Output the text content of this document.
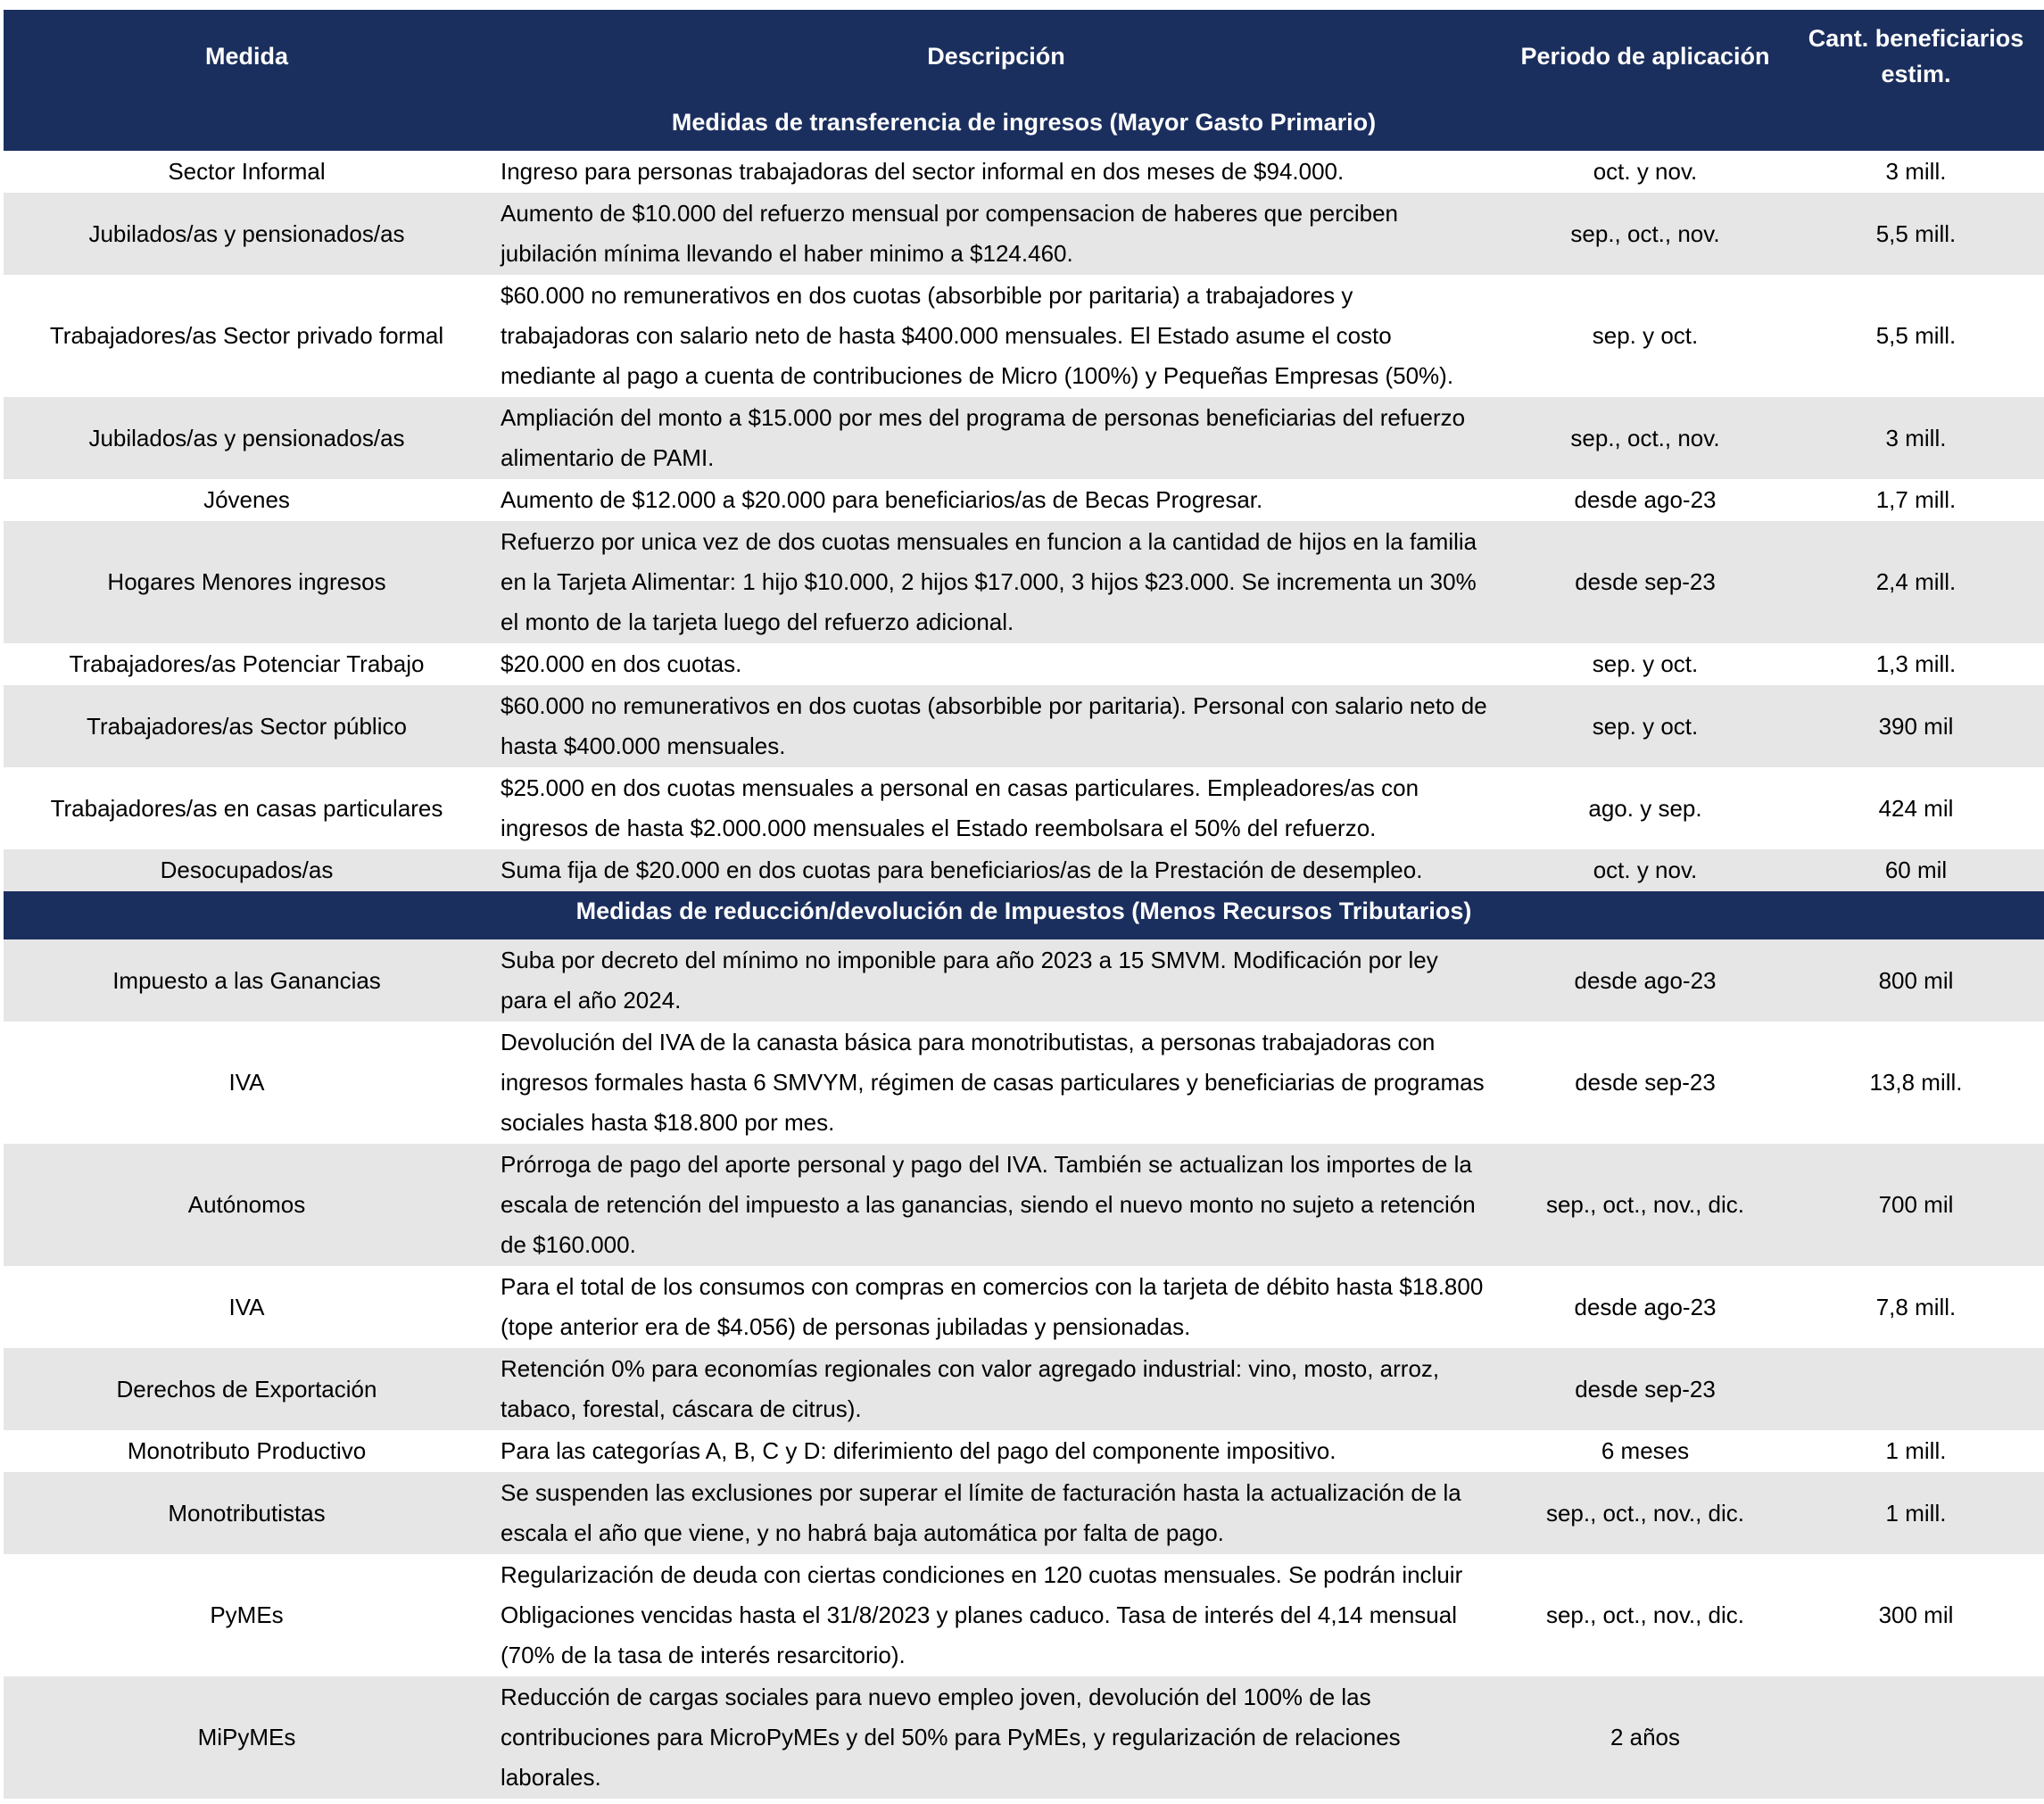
Medida	Descripción	Periodo de aplicación	Cant. beneficiarios estim.
Medidas de transferencia de ingresos (Mayor Gasto Primario)			
Sector Informal	Ingreso para personas trabajadoras del sector informal en dos meses de $94.000.	oct. y nov.	3 mill.
Jubilados/as y pensionados/as	Aumento de $10.000 del refuerzo mensual por compensacion de haberes que perciben jubilación mínima llevando el haber minimo a $124.460.	sep., oct., nov.	5,5 mill.
Trabajadores/as Sector privado formal	$60.000 no remunerativos en dos cuotas (absorbible por paritaria) a trabajadores y trabajadoras con salario neto de hasta $400.000 mensuales. El Estado asume el costo mediante al pago a cuenta de contribuciones de Micro (100%) y Pequeñas Empresas (50%).	sep. y oct.	5,5 mill.
Jubilados/as y pensionados/as	Ampliación del monto a $15.000 por mes del programa de personas beneficiarias del refuerzo alimentario de PAMI.	sep., oct., nov.	3 mill.
Jóvenes	Aumento de $12.000 a $20.000 para beneficiarios/as de Becas Progresar.	desde ago-23	1,7 mill.
Hogares Menores ingresos	Refuerzo por unica vez de dos cuotas mensuales en funcion a la cantidad de hijos en la familia en la Tarjeta Alimentar: 1 hijo $10.000, 2 hijos $17.000, 3 hijos $23.000. Se incrementa un 30% el monto de la tarjeta luego del refuerzo adicional.	desde sep-23	2,4 mill.
Trabajadores/as Potenciar Trabajo	$20.000 en dos cuotas.	sep. y oct.	1,3 mill.
Trabajadores/as Sector público	$60.000 no remunerativos en dos cuotas (absorbible por paritaria). Personal con salario neto de hasta $400.000 mensuales.	sep. y oct.	390 mil
Trabajadores/as en casas particulares	$25.000 en dos cuotas mensuales a personal en casas particulares. Empleadores/as con ingresos de hasta $2.000.000 mensuales el Estado reembolsara el 50% del refuerzo.	ago. y sep.	424 mil
Desocupados/as	Suma fija de $20.000 en dos cuotas para beneficiarios/as de la Prestación de desempleo.	oct. y nov.	60 mil
Medidas de reducción/devolución de Impuestos (Menos Recursos Tributarios)			
Impuesto a las Ganancias	Suba por decreto del mínimo no imponible para año 2023 a 15 SMVM. Modificación por ley para el año 2024.	desde ago-23	800 mil
IVA	Devolución del IVA de la canasta básica para monotributistas, a personas trabajadoras con ingresos formales hasta 6 SMVYM, régimen de casas particulares y beneficiarias de programas sociales hasta $18.800 por mes.	desde sep-23	13,8 mill.
Autónomos	Prórroga de pago del aporte personal y pago del IVA. También se actualizan los importes de la escala de retención del impuesto a las ganancias, siendo el nuevo monto no sujeto a retención de $160.000.	sep., oct., nov., dic.	700 mil
IVA	Para el total de los consumos con compras en comercios con la tarjeta de débito hasta $18.800 (tope anterior era de $4.056) de personas jubiladas y pensionadas.	desde ago-23	7,8 mill.
Derechos de Exportación	Retención 0% para economías regionales con valor agregado industrial: vino, mosto, arroz, tabaco, forestal, cáscara de citrus).	desde sep-23	
Monotributo Productivo	Para las categorías A, B, C y D: diferimiento del pago del componente impositivo.	6 meses	1 mill.
Monotributistas	Se suspenden las exclusiones por superar el límite de facturación hasta la actualización de la escala el año que viene, y no habrá baja automática por falta de pago.	sep., oct., nov., dic.	1 mill.
PyMEs	Regularización de deuda con ciertas condiciones en 120 cuotas mensuales. Se podrán incluir Obligaciones vencidas hasta el 31/8/2023 y planes caduco. Tasa de interés del 4,14 mensual (70% de la tasa de interés resarcitorio).	sep., oct., nov., dic.	300 mil
MiPyMEs	Reducción de cargas sociales para nuevo empleo joven, devolución del 100% de las contribuciones para MicroPyMEs y del 50% para PyMEs, y regularización de relaciones laborales.	2 años	
